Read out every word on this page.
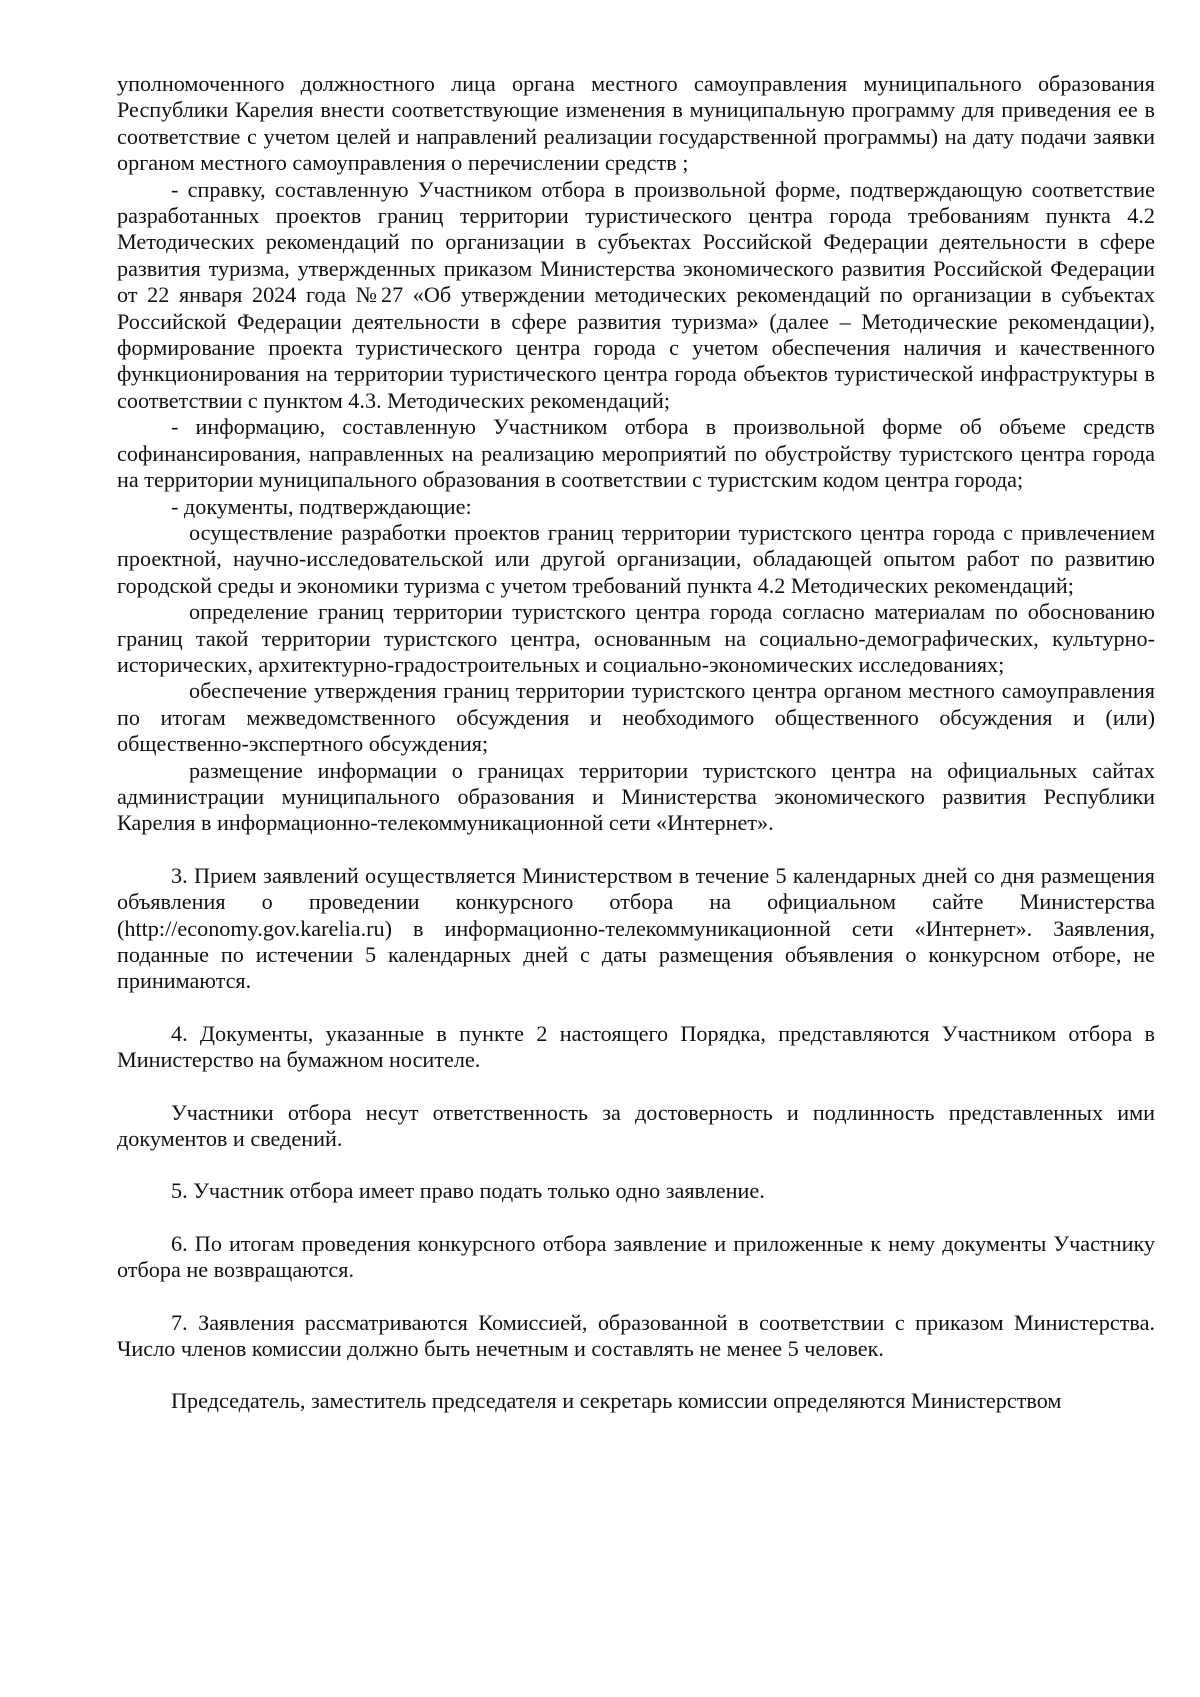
уполномоченного должностного лица органа местного самоуправления муниципального образования Республики Карелия внести соответствующие изменения в муниципальную программу для приведения ее в соответствие с учетом целей и направлений реализации государственной программы) на дату подачи заявки органом местного самоуправления о перечислении средств ;

- справку, составленную Участником отбора в произвольной форме, подтверждающую соответствие разработанных проектов границ территории туристического центра города требованиям пункта 4.2 Методических рекомендаций по организации в субъектах Российской Федерации деятельности в сфере развития туризма, утвержденных приказом Министерства экономического развития Российской Федерации от 22 января 2024 года №27 «Об утверждении методических рекомендаций по организации в субъектах Российской Федерации деятельности в сфере развития туризма» (далее – Методические рекомендации), формирование проекта туристического центра города с учетом обеспечения наличия и качественного функционирования на территории туристического центра города объектов туристической инфраструктуры в соответствии с пунктом 4.3. Методических рекомендаций;

- информацию, составленную Участником отбора в произвольной форме об объеме средств софинансирования, направленных на реализацию мероприятий по обустройству туристского центра города на территории муниципального образования в соответствии с туристским кодом центра города;

- документы, подтверждающие:

осуществление разработки проектов границ территории туристского центра города с привлечением проектной, научно-исследовательской или другой организации, обладающей опытом работ по развитию городской среды и экономики туризма с учетом требований пункта 4.2 Методических рекомендаций;

определение границ территории туристского центра города согласно материалам по обоснованию границ такой территории туристского центра, основанным на социально-демографических, культурно-исторических, архитектурно-градостроительных и социально-экономических исследованиях;

обеспечение утверждения границ территории туристского центра органом местного самоуправления по итогам межведомственного обсуждения и необходимого общественного обсуждения и (или) общественно-экспертного обсуждения;

размещение информации о границах территории туристского центра на официальных сайтах администрации муниципального образования и Министерства экономического развития Республики Карелия в информационно-телекоммуникационной сети «Интернет».

3. Прием заявлений осуществляется Министерством в течение 5 календарных дней со дня размещения объявления о проведении конкурсного отбора на официальном сайте Министерства (http://economy.gov.karelia.ru) в информационно-телекоммуникационной сети «Интернет». Заявления, поданные по истечении 5 календарных дней с даты размещения объявления о конкурсном отборе, не принимаются.

4. Документы, указанные в пункте 2 настоящего Порядка, представляются Участником отбора в Министерство на бумажном носителе.

Участники отбора несут ответственность за достоверность и подлинность представленных ими документов и сведений.

5. Участник отбора имеет право подать только одно заявление.

6. По итогам проведения конкурсного отбора заявление и приложенные к нему документы Участнику отбора не возвращаются.

7. Заявления рассматриваются Комиссией, образованной в соответствии с приказом Министерства. Число членов комиссии должно быть нечетным и составлять не менее 5 человек.

Председатель, заместитель председателя и секретарь комиссии определяются Министерством
